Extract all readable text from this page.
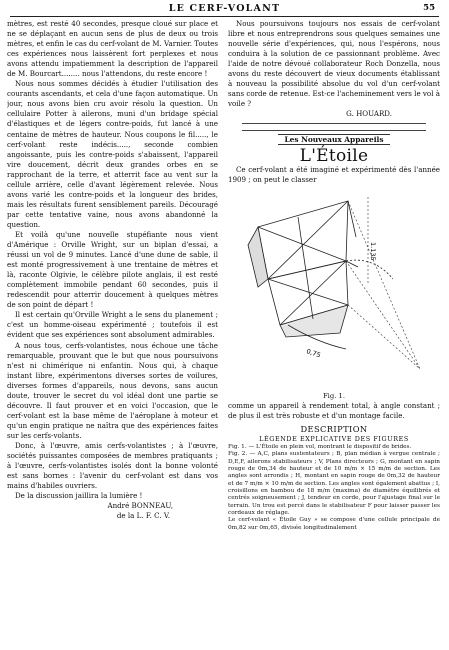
LE CERF-VOLANT	55

mètres, est resté 40 secondes, presque cloué sur place et ne se déplaçant en aucun sens de plus de deux ou trois mètres, et enfin le cas du cerf-volant de M. Varnier. Toutes ces expériences nous laissèrent fort perplexes et nous avons attendu impatiemment la description de l'appareil de M. Bourcart........ nous l'attendons, du reste encore !

Nous nous sommes décidés à étudier l'utilisation des courants ascendants, et cela d'une façon automatique. Un jour, nous avons bien cru avoir résolu la question. Un cellulaire Potter à ailerons, muni d'un bridage spécial d'élastiques et de légers contre-poids, fut lancé à une centaine de mètres de hauteur. Nous coupons le fil....., le cerf-volant reste indécis....., seconde combien angoissante, puis les contre-poids s'abaissent, l'appareil vire doucement, décrit deux grandes orbes en se rapprochant de la terre, et atterrit face au vent sur la cellule arrière, celle d'avant légèrement relevée. Nous avons varié les contre-poids et la longueur des brides, mais les résultats furent sensiblement pareils. Découragé par cette tentative vaine, nous avons abandonné la question.

Et voilà qu'une nouvelle stupéfiante nous vient d'Amérique : Orville Wright, sur un biplan d'essai, a réussi un vol de 9 minutes. Lancé d'une dune de sable, il est monté progressivement à une trentaine de mètres et là, raconte Olgivie, le célèbre pilote anglais, il est resté complètement immobile pendant 60 secondes, puis il redescendit pour atterrir doucement à quelques mètres de son point de départ !

Il est certain qu'Orville Wright a le sens du planement ; c'est un homme-oiseau expérimenté ; toutefois il est évident que ses expériences sont absolument admirables.

A nous tous, cerfs-volantistes, nous échoue une tâche remarquable, prouvant que le but que nous poursuivons n'est ni chimérique ni enfantin. Nous qui, à chaque instant libre, expérimentons diverses sortes de voilures, diverses formes d'appareils, nous devons, sans aucun doute, trouver le secret du vol idéal dont une partie se découvre. Il faut prouver et en voici l'occasion, que le cerf-volant est la base même de l'aéroplane à moteur et qu'un engin pratique ne naîtra que des expériences faites sur les cerfs-volants.

Donc, à l'œuvre, amis cerfs-volantistes ; à l'œuvre, sociétés puissantes composées de membres pratiquants ; à l'œuvre, cerfs-volantistes isolés dont la bonne volonté est sans bornes : l'avenir du cerf-volant est dans vos mains d'habiles ouvriers.

De la discussion jaillira la lumière !

André BONNEAU,
de la L. F. C. V.

Nous poursuivons toujours nos essais de cerf-volant libre et nous entreprendrons sous quelques semaines une nouvelle série d'expériences, qui, nous l'espérons, nous conduira à la solution de ce passionnant problème. Avec l'aide de notre dévoué collaborateur Roch Donzella, nous avons du reste découvert de vieux documents établissant à nouveau la possibilité absolue du vol d'un cerf-volant sans corde de retenue. Est-ce l'acheminement vers le vol à voile ?

G. HOUARD.
Les Nouveaux Appareils
L'Étoile

Ce cerf-volant a été imaginé et expérimenté dès l'année 1909 ; on peut le classer

1.135
0,75
Fig. 1.

comme un appareil à rendement total, à angle constant ; de plus il est très robuste et d'un montage facile.

DESCRIPTION
LÉGENDE EXPLICATIVE DES FIGURES

Fig. 1. — L'Étoile en plein vol, montrant le dispositif de brides.

Fig. 2. — A,C, plans sustentateurs ; B, plan médian à vergue centrale ; D,E,F, ailerons stabilisateurs ; V, Plans directeurs ; G, montant en sapin rouge de 0m,34 de hauteur et de 10 m/m × 15 m/m de section. Les angles sont arrondis ; H, montant en sapin rouge de 0m,32 de hauteur et de 7 m/m × 10 m/m de section. Les angles sont également abattus ; I, croisillons en bambou de 18 m/m (maxima) de diamètre équilibrés et centrés soigneusement ; J, tendeur en corde, pour l'ajustage final sur le terrain. Un trou est percé dans le stabilisateur F pour laisser passer les cordeaux de réglage.

Le cerf-volant « Étoile Guy » se compose d'une cellule principale de 0m,82 sur 0m,65, divisée longitudinalement
